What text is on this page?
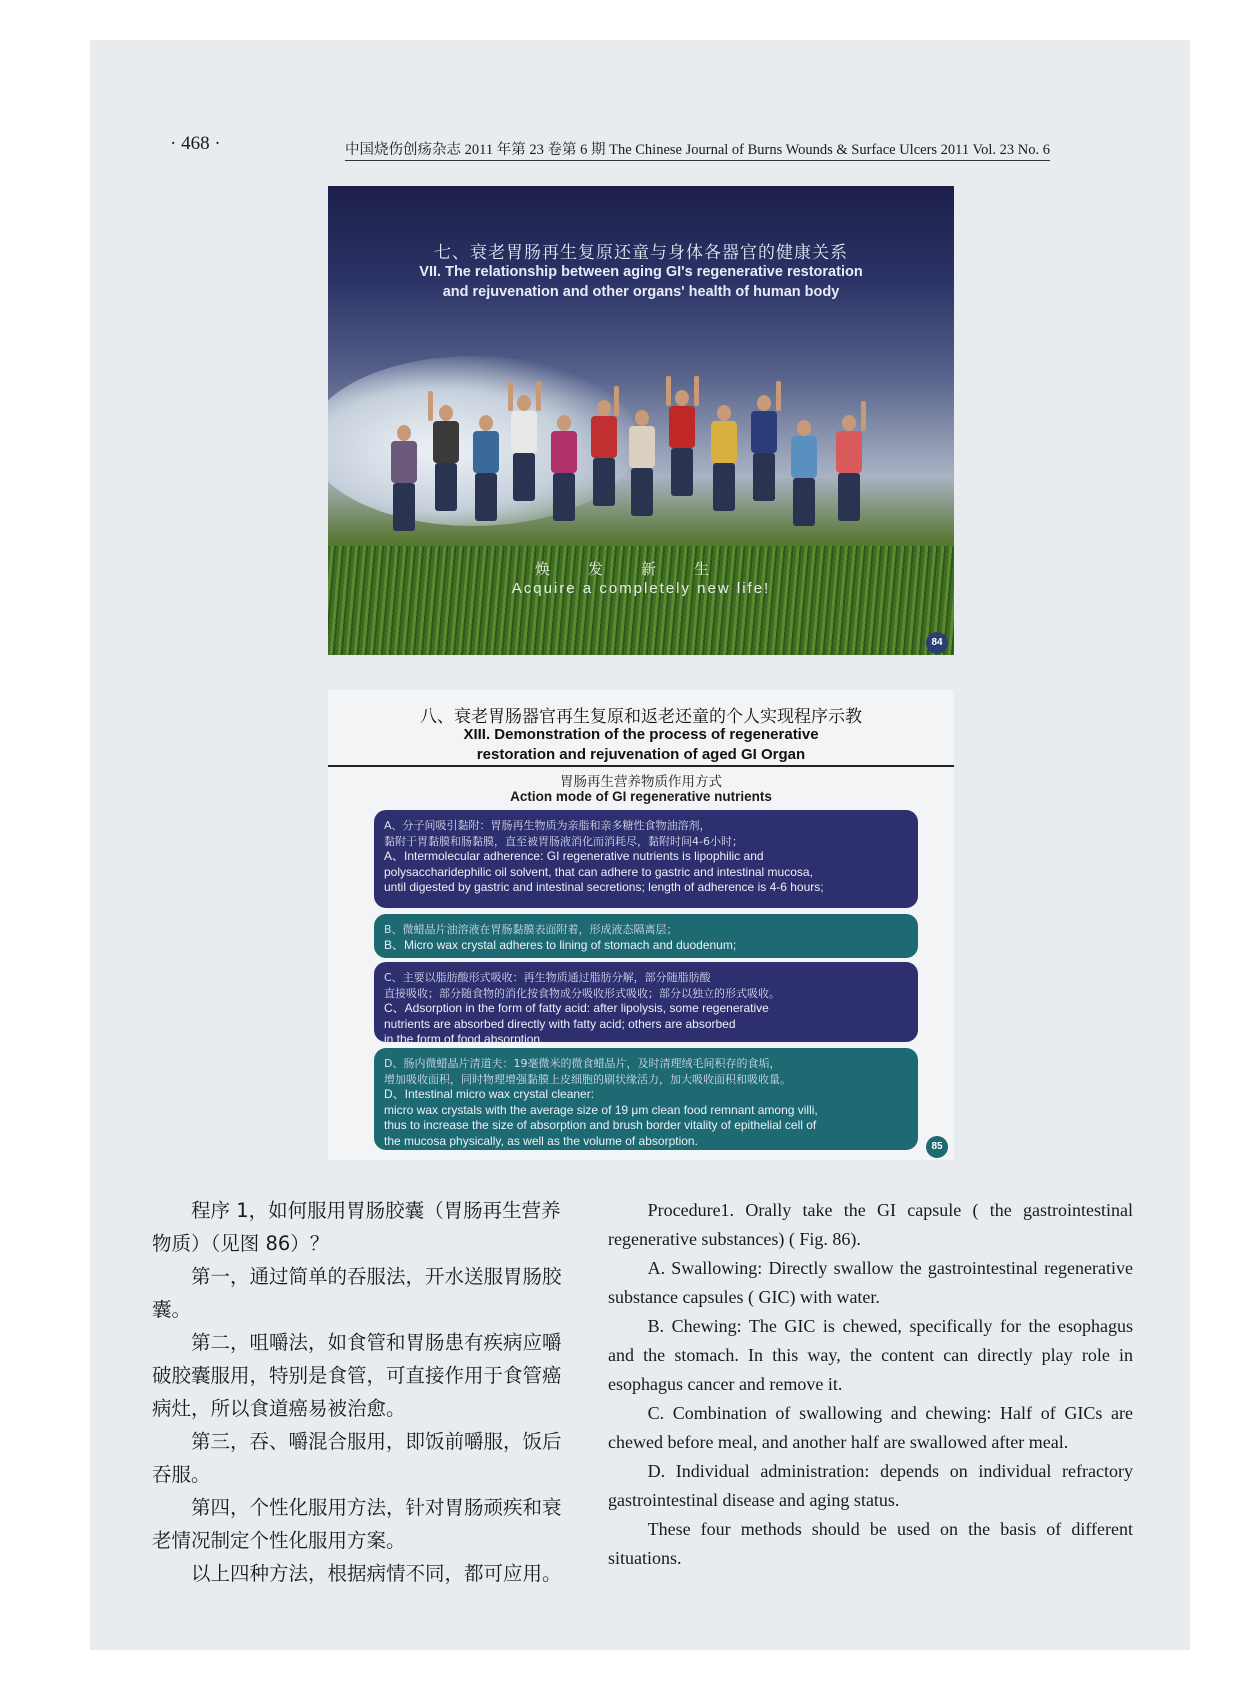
· 468 ·	中国烧伤创疡杂志 2011 年第 23 卷第 6 期 The Chinese Journal of Burns Wounds & Surface Ulcers 2011 Vol. 23 No. 6
七、衰老胃肠再生复原还童与身体各器官的健康关系
VII. The relationship between aging GI's regenerative restoration
and rejuvenation and other organs' health of human body
焕发新生
Acquire a completely new life!
84
八、衰老胃肠器官再生复原和返老还童的个人实现程序示教
XIII. Demonstration of the process of regenerative
restoration and rejuvenation of aged GI Organ
胃肠再生营养物质作用方式
Action mode of GI regenerative nutrients
A、分子间吸引黏附：胃肠再生物质为亲脂和亲多糖性食物油溶剂，
黏附于胃黏膜和肠黏膜，直至被胃肠液消化而消耗尽，黏附时间4-6小时；
A、Intermolecular adherence: GI regenerative nutrients is lipophilic and
polysaccharidephilic oil solvent, that can adhere to gastric and intestinal mucosa,
until digested by gastric and intestinal secretions; length of adherence is 4-6 hours;
B、微蜡晶片油溶液在胃肠黏膜表面附着，形成液态隔离层；
B、Micro wax crystal adheres to lining of stomach and duodenum;
C、主要以脂肪酸形式吸收：再生物质通过脂肪分解，部分随脂肪酸
直接吸收；部分随食物的消化按食物成分吸收形式吸收；部分以独立的形式吸收。
C、Adsorption in the form of fatty acid: after lipolysis, some regenerative
nutrients are absorbed directly with fatty acid; others are absorbed
in the form of food absorption.
D、肠内微蜡晶片清道夫：19毫微米的微食蜡晶片，及时清理绒毛间积存的食垢，
增加吸收面积，同时物理增强黏膜上皮细胞的刷状缘活力，加大吸收面积和吸收量。
D、Intestinal micro wax crystal cleaner:
micro wax crystals with the average size of 19 μm clean food remnant among villi,
thus to increase the size of absorption and brush border vitality of epithelial cell of
the mucosa physically, as well as the volume of absorption.	85

程序 1，如何服用胃肠胶囊（胃肠再生营养物质）（见图 86）？

第一，通过简单的吞服法，开水送服胃肠胶囊。

第二，咀嚼法，如食管和胃肠患有疾病应嚼破胶囊服用，特别是食管，可直接作用于食管癌病灶，所以食道癌易被治愈。

第三，吞、嚼混合服用，即饭前嚼服，饭后吞服。

第四，个性化服用方法，针对胃肠顽疾和衰老情况制定个性化服用方案。

以上四种方法，根据病情不同，都可应用。

Procedure1. Orally take the GI capsule ( the gastrointestinal regenerative substances) ( Fig. 86).

A. Swallowing: Directly swallow the gastrointestinal regenerative substance capsules ( GIC) with water.

B. Chewing: The GIC is chewed, specifically for the esophagus and the stomach. In this way, the content can directly play role in esophagus cancer and remove it.

C. Combination of swallowing and chewing: Half of GICs are chewed before meal, and another half are swallowed after meal.

D. Individual administration: depends on individual refractory gastrointestinal disease and aging status.

These four methods should be used on the basis of different situations.
